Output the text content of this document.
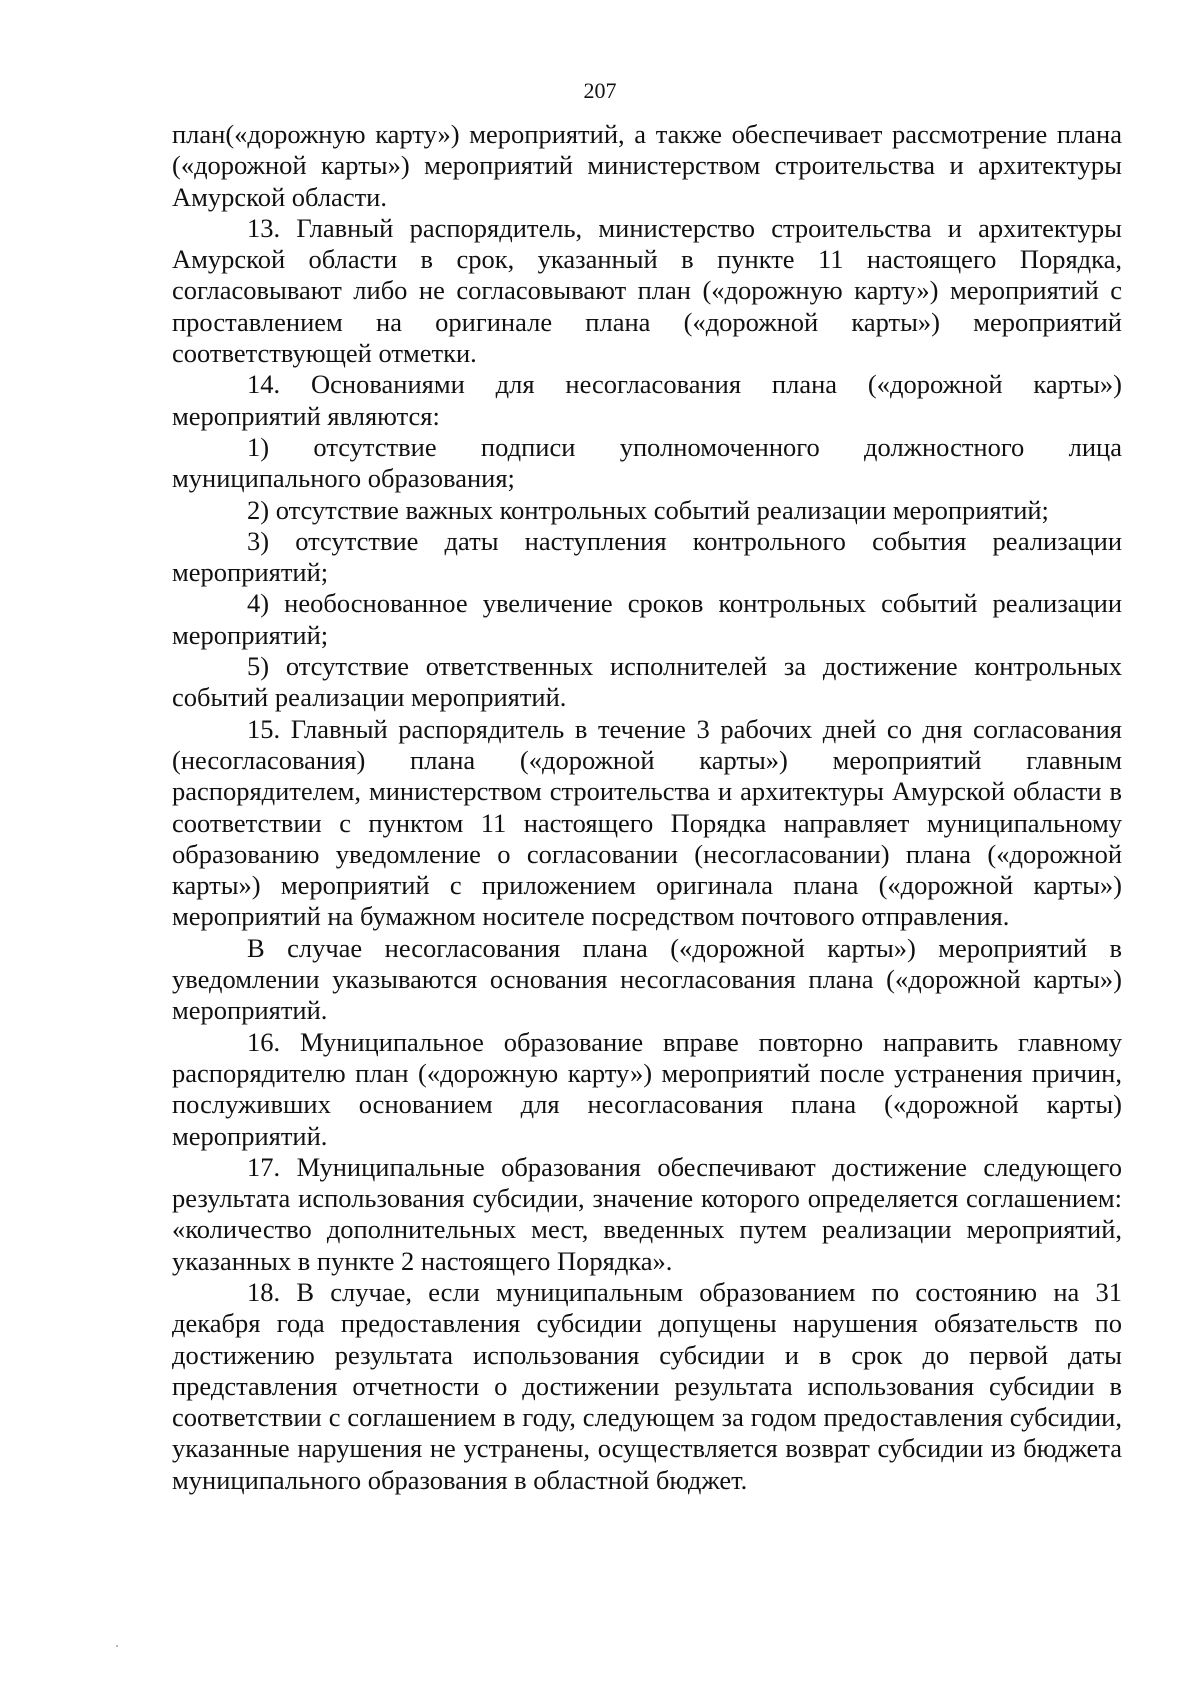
207

план(«дорожную карту») мероприятий, а также обеспечивает рассмотрение плана («дорожной карты») мероприятий министерством строительства и архитектуры Амурской области.

13. Главный распорядитель, министерство строительства и архитектуры Амурской области в срок, указанный в пункте 11 настоящего Порядка, согласовывают либо не согласовывают план («дорожную карту») мероприятий с проставлением на оригинале плана («дорожной карты») мероприятий соответствующей отметки.

14. Основаниями для несогласования плана («дорожной карты») мероприятий являются:

1) отсутствие подписи уполномоченного должностного лица муниципального образования;

2) отсутствие важных контрольных событий реализации мероприятий;

3) отсутствие даты наступления контрольного события реализации мероприятий;

4) необоснованное увеличение сроков контрольных событий реализации мероприятий;

5) отсутствие ответственных исполнителей за достижение контрольных событий реализации мероприятий.

15. Главный распорядитель в течение 3 рабочих дней со дня согласования (несогласования) плана («дорожной карты») мероприятий главным распорядителем, министерством строительства и архитектуры Амурской области в соответствии с пунктом 11 настоящего Порядка направляет муниципальному образованию уведомление о согласовании (несогласовании) плана («дорожной карты») мероприятий с приложением оригинала плана («дорожной карты») мероприятий на бумажном носителе посредством почтового отправления.

В случае несогласования плана («дорожной карты») мероприятий в уведомлении указываются основания несогласования плана («дорожной карты») мероприятий.

16. Муниципальное образование вправе повторно направить главному распорядителю план («дорожную карту») мероприятий после устранения причин, послуживших основанием для несогласования плана («дорожной карты) мероприятий.

17. Муниципальные образования обеспечивают достижение следующего результата использования субсидии, значение которого определяется соглашением: «количество дополнительных мест, введенных путем реализации мероприятий, указанных в пункте 2 настоящего Порядка».

18. В случае, если муниципальным образованием по состоянию на 31 декабря года предоставления субсидии допущены нарушения обязательств по достижению результата использования субсидии и в срок до первой даты представления отчетности о достижении результата использования субсидии в соответствии с соглашением в году, следующем за годом предоставления субсидии, указанные нарушения не устранены, осуществляется возврат субсидии из бюджета муниципального образования в областной бюджет.
